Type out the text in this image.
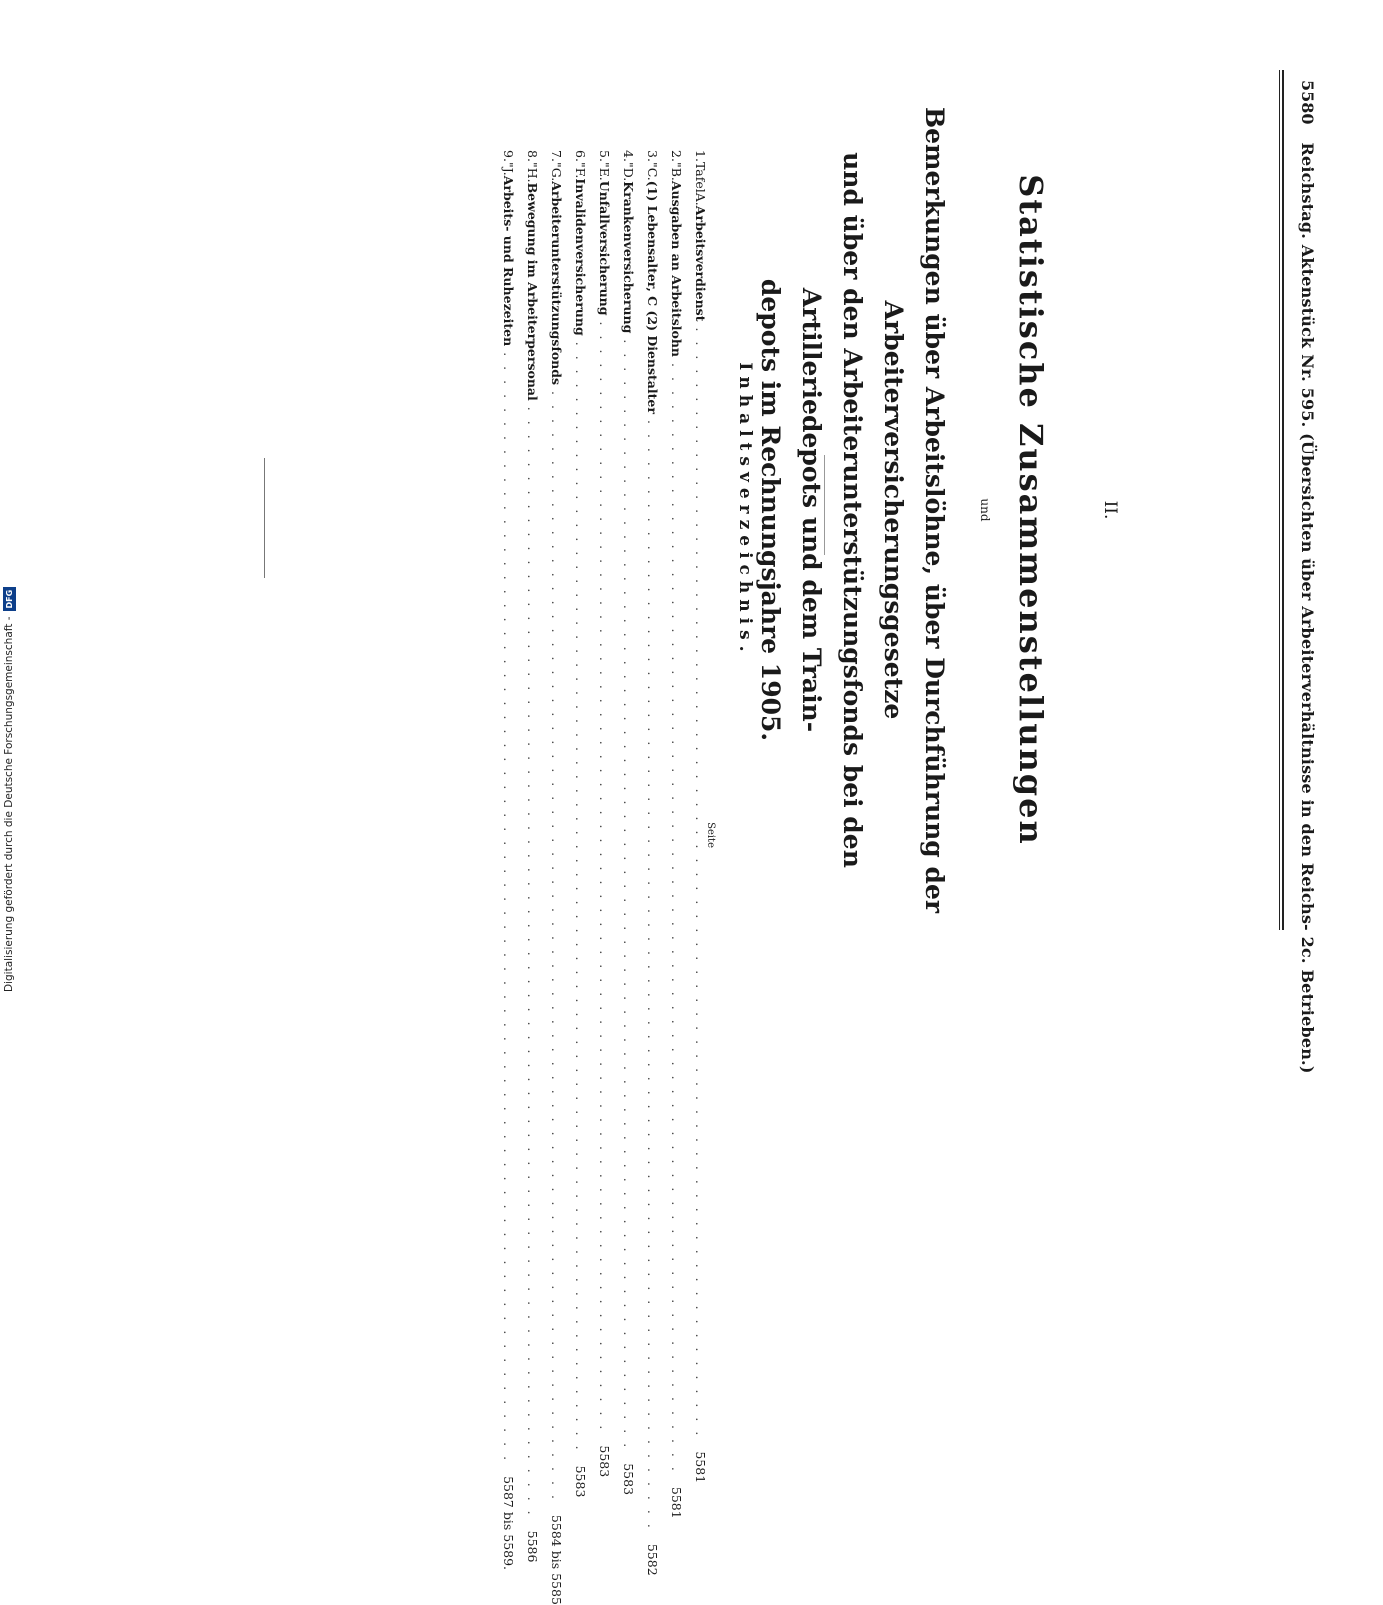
5580
Reichstag. Aktenstück Nr. 595. (Übersichten über Arbeiterverhältnisse in den Reichs- 2c. Betrieben.)
II.
Statistische Zusammenstellungen
und
Bemerkungen über Arbeitslöhne, über Durchführung der Arbeiterversicherungsgesetze
und über den Arbeiterunterstützungsfonds bei den Artilleriedepots und dem Train-
depots im Rechnungsjahre 1905.
Inhaltsverzeichnis.
Seite
1.
Tafel
A.
Arbeitsverdienst
................................................................................
5581
2.
"
B.
Ausgaben an Arbeitslohn
................................................................................
5581
3.
"
C.
(1) Lebensalter, C (2) Dienstalter
................................................................................
5582
4.
"
D.
Krankenversicherung
................................................................................
5583
5.
"
E.
Unfallversicherung
................................................................................
5583
6.
"
F.
Invalidenversicherung
................................................................................
5583
7.
"
G.
Arbeiterunterstützungsfonds
................................................................................
5584 bis 5585
8.
"
H.
Bewegung im Arbeiterpersonal
................................................................................
5586
9.
"
J.
Arbeits- und Ruhezeiten
................................................................................
5587 bis 5589.
Digitalisierung gefördert durch die Deutsche Forschungsgemeinschaft -
DFG
